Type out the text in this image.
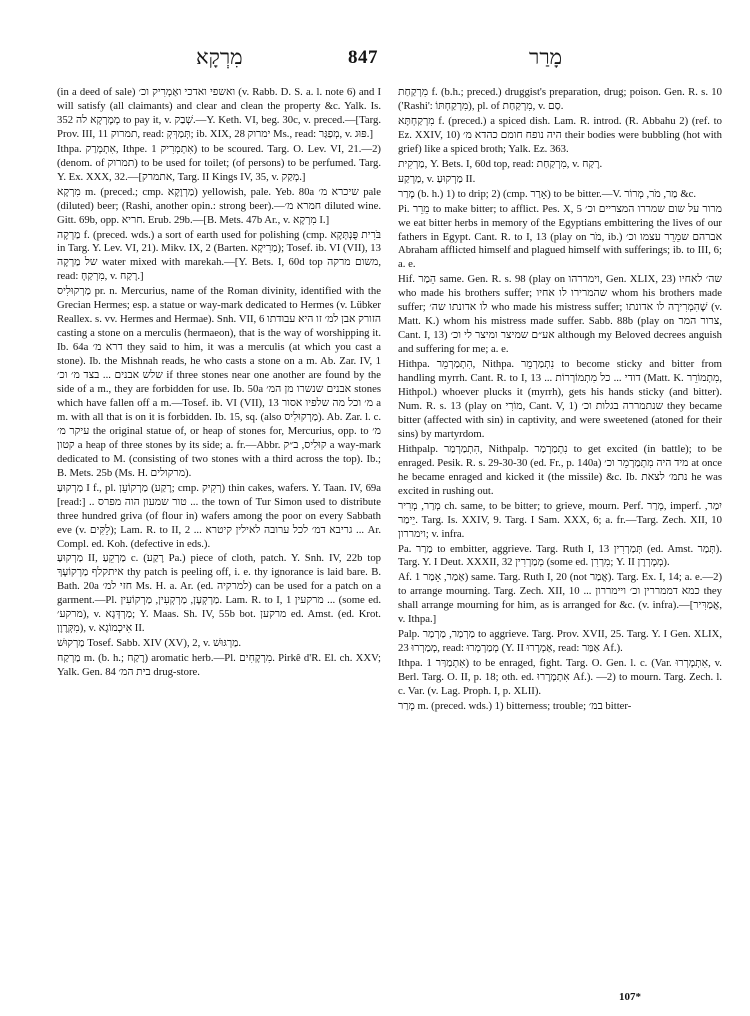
מִרְקָא	847	מָרַר

(in a deed of sale) ואשפי ואדכי ואַמְרִיק וכ׳ (v. Rabb. D. S. a. l. note 6) and I will satisfy (all claimants) and clear and clean the property &c. Yalk. Is. 352 מְמָרְקָא לה to pay it, v. שְׁבַק.—Y. Keth. VI, beg. 30c, v. preced.—[Targ. Prov. III, 11 תמרוק, read: תְּמַרְּקְ; ib. XIX, 28 ימרוק Ms., read: מְפַגַּר, v. פּוּג.]

Ithpa. אִתְמְרַק, Ithpe. אִתְמְרִיק 1) to be scoured. Targ. O. Lev. VI, 21.—2) (denom. of תמרוק) to be used for toilet; (of persons) to be perfumed. Targ. Y. Ex. XXX, 32.—[אתמרק, Targ. II Kings IV, 35, v. מְקַק.]

מִרְקָא m. (preced.; cmp. מַרְוָקָא) yellowish, pale. Yeb. 80a שיכרא מ׳ pale (diluted) beer; (Rashi, another opin.: strong beer).—חמרא מ׳ diluted wine. Gitt. 69b, opp. חריא. Erub. 29b.—[B. Mets. 47b Ar., v. מִרְקָא I.]

מַרְקָה f. (preced. wds.) a sort of earth used for polishing (cmp. בֹּרִית פֻּנְתְּקָא in Targ. Y. Lev. VI, 21). Mikv. IX, 2 (Barten. מַרִיקָא); Tosef. ib. VI (VII), 13 של מַרְקָה water mixed with marekah.—[Y. Bets. I, 60d top משום מרקה, read: מִרְקַחָ, v. רָקַח.]

מַרְקוּלִיס pr. n. Mercurius, name of the Roman divinity, identified with the Grecian Hermes; esp. a statue or way-mark dedicated to Hermes (v. Lübker Reallex. s. vv. Hermes and Hermae). Snh. VII, 6 הזורק אבן למ׳ זו היא עבודתו casting a stone on a merculis (hermaeon), that is the way of worshipping it. Ib. 64a דרא מ׳ they said to him, it was a merculis (at which you cast a stone). Ib. the Mishnah reads, he who casts a stone on a m. Ab. Zar. IV, 1 שלש אבנים ... בצד מ׳ וכ׳ if three stones near one another are found by the side of a m., they are forbidden for use. Ib. 50a אבנים שנשרו מן המ׳ stones which have fallen off a m.—Tosef. ib. VI (VII), 13 מ׳ וכל מה שלפיו אסור a m. with all that is on it is forbidden. Ib. 15, sq. (also מַרְקוּלִיס). Ab. Zar. l. c. עיקר מ׳ the original statue of, or heap of stones for, Mercurius, opp. to מ׳ קטון a heap of three stones by its side; a. fr.—Abbr. קוּלִיס, ב״ק a way-mark dedicated to M. (consisting of two stones with a third across the top). Ib.; B. Mets. 25b (Ms. H. מרקולים).

מַרְקוּעַ I f., pl. מַרְקוֹעֵן (רָקַע; cmp. רְקִיק) thin cakes, wafers. Y. Taan. IV, 69a [read:] .. טור שמעון הוה מפרס ... the town of Tur Simon used to distribute three hundred griva (of flour in) wafers among the poor on every Sabbath eve (v. לֵקִּים); Lam. R. to II, 2 ... גריבא דמ׳ לכל ערובה לאילין קיטרא ... Ar. Compl. ed. Koh. (defective in eds.).

מַרְקוּעַ II, מַרְקֵעַ c. (רָקַע Pa.) piece of cloth, patch. Y. Snh. IV, 22b top איתקלף מַרְקוֹעָךְ thy patch is peeling off, i. e. thy ignorance is laid bare. B. Bath. 20a חזי למ׳ Ms. H. a. Ar. (ed. למרקיה) can be used for a patch on a garment.—Pl. מַרְקְעָן, מַרְקְעִין, מַרְקוֹעִין. Lam. R. to I, 1 מרקעין ... (some ed. מרקע׳), v. מַרְדְּגָא; Y. Maas. Sh. IV, 55b bot. מרקען ed. Amst. (ed. Krot. מִקְּרֶוָן), v. אִיכְמוֹגָא II.

מַרְקוּשׁ Tosef. Sabb. XIV (XV), 2, v. מַרְגּוּשׁ.

מַרְקַח m. (b. h.; רָקַח) aromatic herb.—Pl. מִרְקָחִים. Pirkê d'R. El. ch. XXV; Yalk. Gen. 84 בית המ׳ drug-store.

מִרְקַחַת f. (b.h.; preced.) druggist's preparation, drug; poison. Gen. R. s. 10 ('Rashi': מִרְקַחְתּוֹ), pl. of מִרְקַחַת, v. סַם.

מִרְקַחְתָּא f. (preced.) a spiced dish. Lam. R. introd. (R. Abbahu 2) (ref. to Ez. XXIV, 10) היה נופח חומם כהדא מ׳ their bodies were bubbling (hot with grief) like a spiced broth; Yalk. Ez. 363.

מַרְקִית, Y. Bets. I, 60d top, read: מִרְקַחַת, v. רָקַח.

מַרְקַע, v. מַרְקוּעַ II.

מָרַר (b. h.) 1) to drip; 2) (cmp. אָרַר) to be bitter.—V. מַר, מֹר, מְרוֹר &c.

Pi. מֵרֵר to make bitter; to afflict. Pes. X, 5 מרור על שום שמררו המצריים וכ׳ we eat bitter herbs in memory of the Egyptians embittering the lives of our fathers in Egypt. Cant. R. to I, 13 (play on מֹר, ib.) אברהם שמֵרֵר עצמו וכ׳ Abraham afflicted himself and plagued himself with sufferings; ib. to III, 6; a. e.

Hif. הֵמַר same. Gen. R. s. 98 (play on וימררהו, Gen. XLIX, 23) שה׳ לאחיו who made his brothers suffer; שהמרירו לו אחיו whom his brothers made suffer; לו אדונתו שה׳ who made his mistress suffer; שֶׁהִמְרִירָה לו אדונתו (v. Matt. K.) whom his mistress made suffer. Sabb. 88b (play on צרור המר, Cant. I, 13) אע״ם שמיצר ומיצר לי וכ׳ although my Beloved decrees anguish and suffering for me; a. e.

Hithpa. הִתְמַרְמֵר, Nithpa. נִתְמַרְמֵר to become sticky and bitter from handling myrrh. Cant. R. to I, 13 ... דודי ... כל מִתְמוֹרְרוֹת (Matt. K. מִתְמוֹרֵר, Hithpol.) whoever plucks it (myrrh), gets his hands sticky (and bitter). Num. R. s. 13 (play on מוֹרִי, Cant. V, 1) שנתמררה בגלות וכ׳ they became bitter (affected with sin) in captivity, and were sweetened (atoned for their sins) by martyrdom.

Hithpalp. הִתְמַרְמַר, Nithpalp. נִתְמַרְמַר to get excited (in battle); to be enraged. Pesik. R. s. 29-30-30 (ed. Fr., p. 140a) מיד היה מִתְמַרְמֵר וכ׳ at once he became enraged and kicked it (the missile) &c. Ib. נתמ׳ לצאת he was excited in rushing out.

מְרַר, מְרִיר ch. same, to be bitter; to grieve, mourn. Perf. מְרַר, imperf. יִמַר, יֵימַר. Targ. Is. XXIV, 9. Targ. I Sam. XXX, 6; a. fr.—Targ. Zech. XII, 10 וימררון; v. infra.

Pa. מַרַר to embitter, aggrieve. Targ. Ruth I, 13 תְּמַרְרִין (ed. Amst. תְּמַר). Targ. Y. I Deut. XXXII, 32 מְמַרְרִין (some ed. מִרְרִן; Y. II מְמָרְרָן).

Af. אַמַר, אֵמַר 1) same. Targ. Ruth I, 20 (not אֲמַר). Targ. Ex. I, 14; a. e.—2) to arrange mourning. Targ. Zech. XII, 10 ... כמא דממררין וכ׳ ויימררון they shall arrange mourning for him, as is arranged for &c. (v. infra).—[אֲמַרִּיר, v. Ithpa.]

Palp. מַרְמַר, מַרְמַר to aggrieve. Targ. Prov. XVII, 25. Targ. Y. I Gen. XLIX, 23 מְמַרְרוּ, read: מְמַרְמְרוּ (Y. II אַמְרָרוּ, read: אַמַּר Af.).

Ithpa. אִתְמַרַּר 1) to be enraged, fight. Targ. O. Gen. l. c. (Var. אִתְמָרְרוּ, v. Berl. Targ. O. II, p. 18; oth. ed. אִתְמָרָרוּ Af.). —2) to mourn. Targ. Zech. l. c. Var. (v. Lag. Proph. I, p. XLII).

מְרַר m. (preced. wds.) 1) bitterness; trouble; במ׳ bitter-

107*
